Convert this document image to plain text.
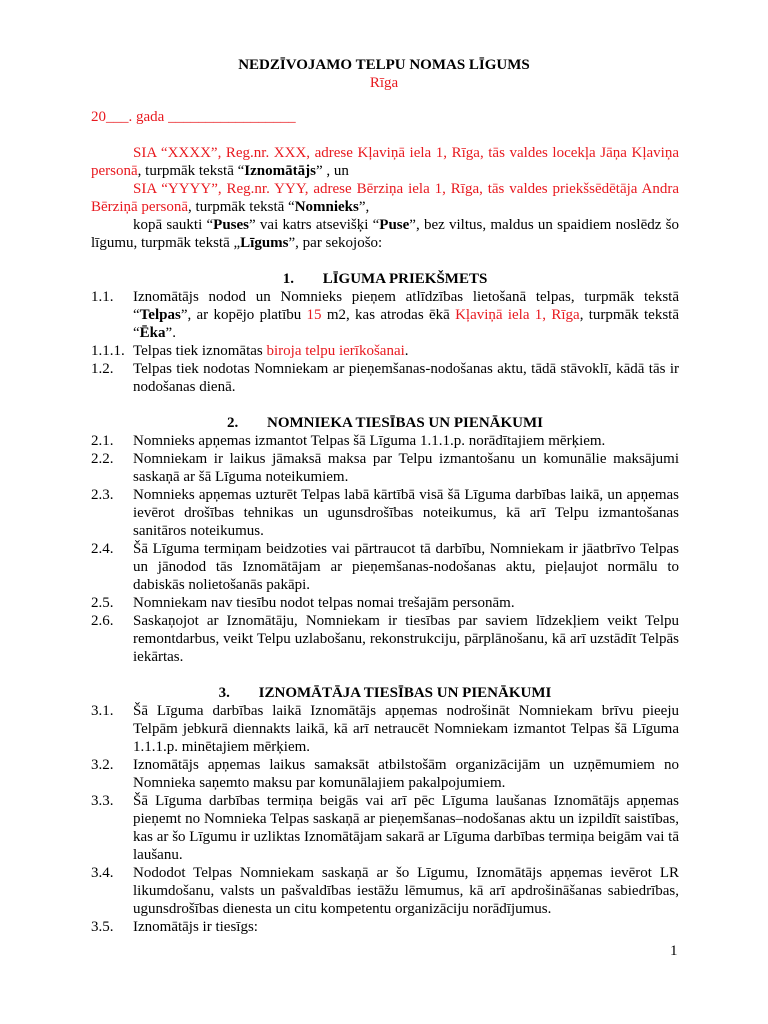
NEDZĪVOJAMO TELPU NOMAS LĪGUMS
Rīga
20___. gada _________________

SIA “XXXX”, Reg.nr. XXX, adrese Kļaviņā iela 1, Rīga, tās valdes locekļa Jāņa Kļaviņa personā, turpmāk tekstā “Iznomātājs” , un

SIA “YYYY”, Reg.nr. YYY, adrese Bērziņa iela 1, Rīga, tās valdes priekšsēdētāja Andra Bērziņā personā, turpmāk tekstā “Nomnieks”,

kopā saukti “Puses” vai katrs atsevišķi “Puse”, bez viltus, maldus un spaidiem noslēdz šo līgumu, turpmāk tekstā „Līgums”, par sekojošo:

1. LĪGUMA PRIEKŠMETS

1.1.	Iznomātājs nodod un Nomnieks pieņem atlīdzības lietošanā telpas, turpmāk tekstā “Telpas”, ar kopējo platību 15 m2, kas atrodas ēkā Kļaviņā iela 1, Rīga, turpmāk tekstā “Ēka”.
1.1.1. Telpas tiek iznomātas biroja telpu ierīkošanai.
1.2.	Telpas tiek nodotas Nomniekam ar pieņemšanas-nodošanas aktu, tādā stāvoklī, kādā tās ir nodošanas dienā.

2. NOMNIEKA TIESĪBAS UN PIENĀKUMI

2.1.	Nomnieks apņemas izmantot Telpas šā Līguma 1.1.1.p. norādītajiem mērķiem.
2.2.	Nomniekam ir laikus jāmaksā maksa par Telpu izmantošanu un komunālie maksājumi saskaņā ar šā Līguma noteikumiem.
2.3.	Nomnieks apņemas uzturēt Telpas labā kārtībā visā šā Līguma darbības laikā, un apņemas ievērot drošības tehnikas un ugunsdrošības noteikumus, kā arī Telpu izmantošanas sanitāros noteikumus.
2.4.	Šā Līguma termiņam beidzoties vai pārtraucot tā darbību, Nomniekam ir jāatbrīvo Telpas un jānodod tās Iznomātājam ar pieņemšanas-nodošanas aktu, pieļaujot normālu to dabiskās nolietošanās pakāpi.
2.5.	Nomniekam nav tiesību nodot telpas nomai trešajām personām.
2.6.	Saskaņojot ar Iznomātāju, Nomniekam ir tiesības par saviem līdzekļiem veikt Telpu remontdarbus, veikt Telpu uzlabošanu, rekonstrukciju, pārplānošanu, kā arī uzstādīt Telpās iekārtas.

3. IZNOMĀTĀJA TIESĪBAS UN PIENĀKUMI

3.1.	Šā Līguma darbības laikā Iznomātājs apņemas nodrošināt Nomniekam brīvu pieeju Telpām jebkurā diennakts laikā, kā arī netraucēt Nomniekam izmantot Telpas šā Līguma 1.1.1.p. minētajiem mērķiem.
3.2.	Iznomātājs apņemas laikus samaksāt atbilstošām organizācijām un uzņēmumiem no Nomnieka saņemto maksu par komunālajiem pakalpojumiem.
3.3.	Šā Līguma darbības termiņa beigās vai arī pēc Līguma laušanas Iznomātājs apņemas pieņemt no Nomnieka Telpas saskaņā ar pieņemšanas–nodošanas aktu un izpildīt saistības, kas ar šo Līgumu ir uzliktas Iznomātājam sakarā ar Līguma darbības termiņa beigām vai tā laušanu.
3.4.	Nododot Telpas Nomniekam saskaņā ar šo Līgumu, Iznomātājs apņemas ievērot LR likumdošanu, valsts un pašvaldības iestāžu lēmumus, kā arī apdrošināšanas sabiedrības, ugunsdrošības dienesta un citu kompetentu organizāciju norādījumus.
3.5.	Iznomātājs ir tiesīgs:
1
